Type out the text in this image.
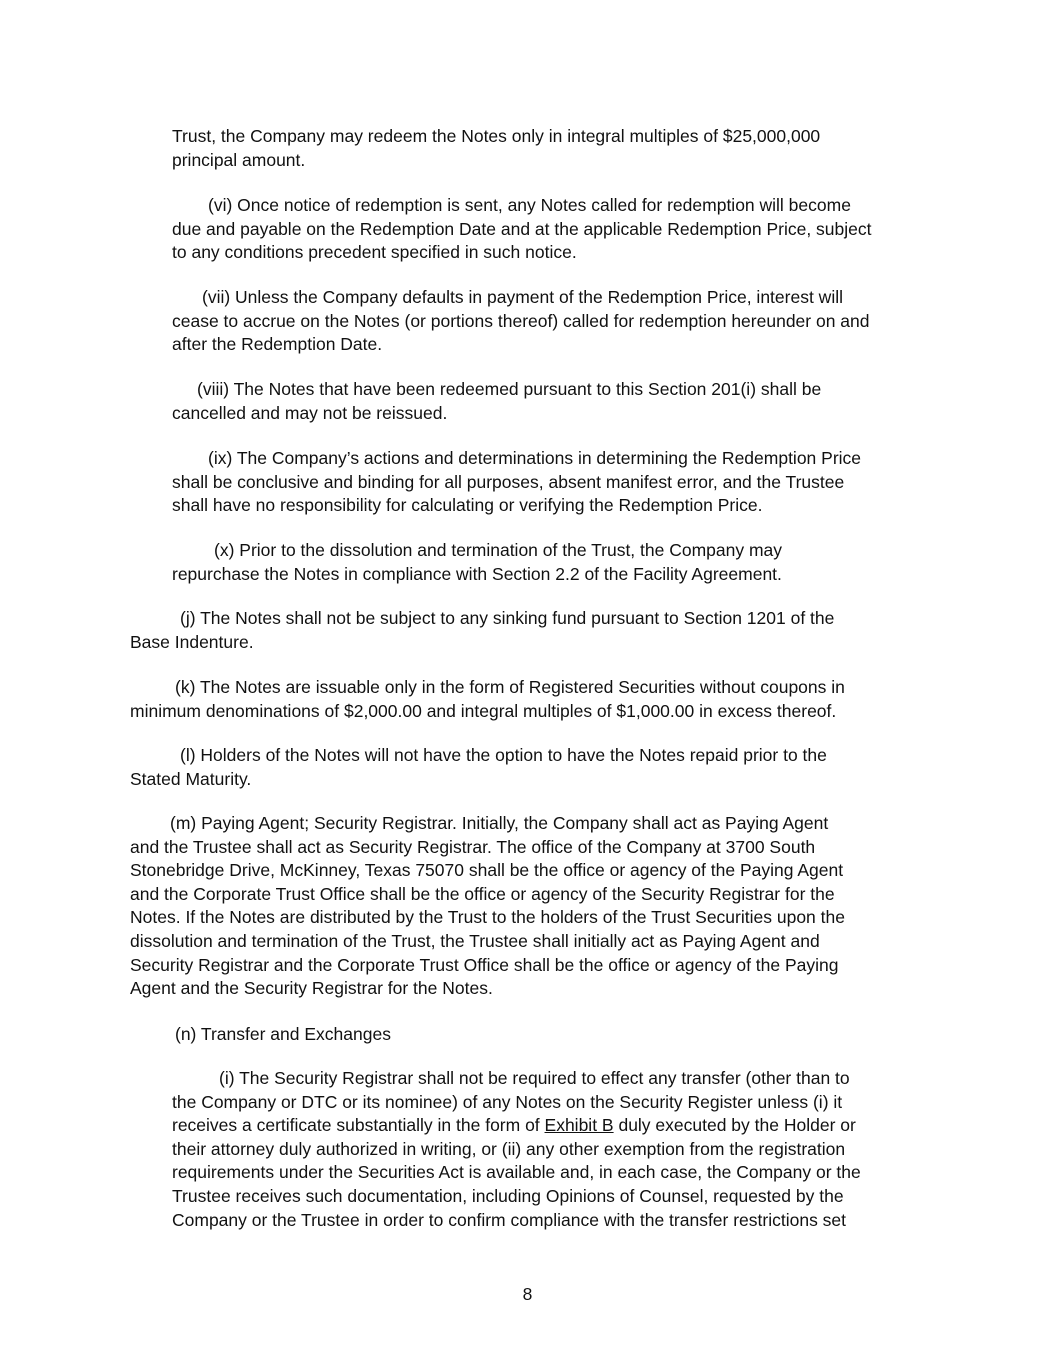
Trust, the Company may redeem the Notes only in integral multiples of $25,000,000
principal amount.
(vi) Once notice of redemption is sent, any Notes called for redemption will become
due and payable on the Redemption Date and at the applicable Redemption Price, subject
to any conditions precedent specified in such notice.
(vii) Unless the Company defaults in payment of the Redemption Price, interest will
cease to accrue on the Notes (or portions thereof) called for redemption hereunder on and
after the Redemption Date.
(viii) The Notes that have been redeemed pursuant to this Section 201(i) shall be
cancelled and may not be reissued.
(ix) The Company’s actions and determinations in determining the Redemption Price
shall be conclusive and binding for all purposes, absent manifest error, and the Trustee
shall have no responsibility for calculating or verifying the Redemption Price.
(x) Prior to the dissolution and termination of the Trust, the Company may
repurchase the Notes in compliance with Section 2.2 of the Facility Agreement.
(j) The Notes shall not be subject to any sinking fund pursuant to Section 1201 of the
Base Indenture.
(k) The Notes are issuable only in the form of Registered Securities without coupons in
minimum denominations of $2,000.00 and integral multiples of $1,000.00 in excess thereof.
(l) Holders of the Notes will not have the option to have the Notes repaid prior to the
Stated Maturity.
(m) Paying Agent; Security Registrar. Initially, the Company shall act as Paying Agent
and the Trustee shall act as Security Registrar. The office of the Company at 3700 South
Stonebridge Drive, McKinney, Texas 75070 shall be the office or agency of the Paying Agent
and the Corporate Trust Office shall be the office or agency of the Security Registrar for the
Notes. If the Notes are distributed by the Trust to the holders of the Trust Securities upon the
dissolution and termination of the Trust, the Trustee shall initially act as Paying Agent and
Security Registrar and the Corporate Trust Office shall be the office or agency of the Paying
Agent and the Security Registrar for the Notes.
(n) Transfer and Exchanges
(i) The Security Registrar shall not be required to effect any transfer (other than to
the Company or DTC or its nominee) of any Notes on the Security Register unless (i) it
receives a certificate substantially in the form of Exhibit B duly executed by the Holder or
their attorney duly authorized in writing, or (ii) any other exemption from the registration
requirements under the Securities Act is available and, in each case, the Company or the
Trustee receives such documentation, including Opinions of Counsel, requested by the
Company or the Trustee in order to confirm compliance with the transfer restrictions set
8
